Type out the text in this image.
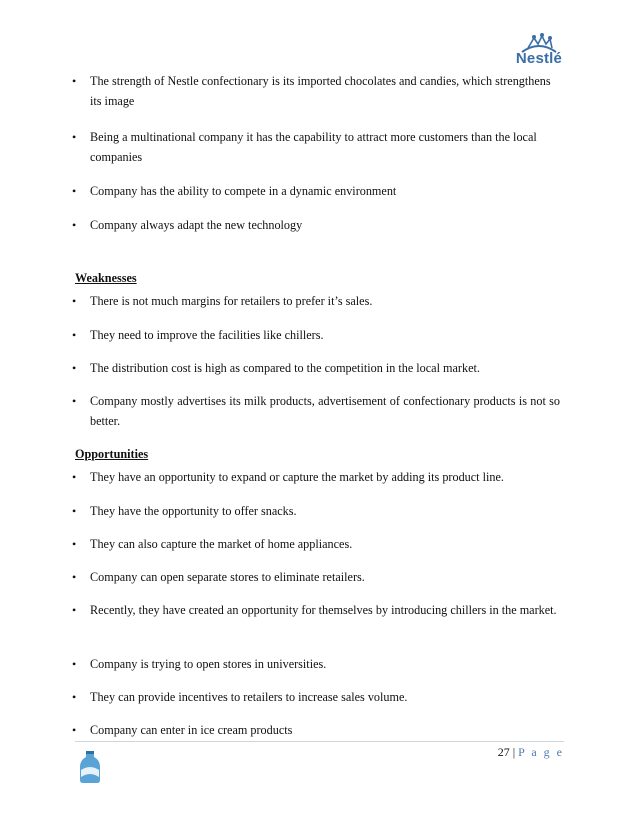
Nestlé
• The strength of Nestle confectionary is its imported chocolates and candies, which strengthens its image
• Being a multinational company it has the capability to attract more customers than the local companies
• Company has the ability to compete in a dynamic environment
• Company always adapt the new technology
Weaknesses
• There is not much margins for retailers to prefer it’s sales.
• They need to improve the facilities like chillers.
• The distribution cost is high as compared to the competition in the local market.
• Company mostly advertises its milk products, advertisement of confectionary products is not so better.
Opportunities
• They have an opportunity to expand or capture the market by adding its product line.
• They have the opportunity to offer snacks.
• They can also capture the market of home appliances.
• Company can open separate stores to eliminate retailers.
• Recently, they have created an opportunity for themselves by introducing chillers in the market.
• Company is trying to open stores in universities.
• They can provide incentives to retailers to increase sales volume.
• Company can enter in ice cream products
27 | P a g e
